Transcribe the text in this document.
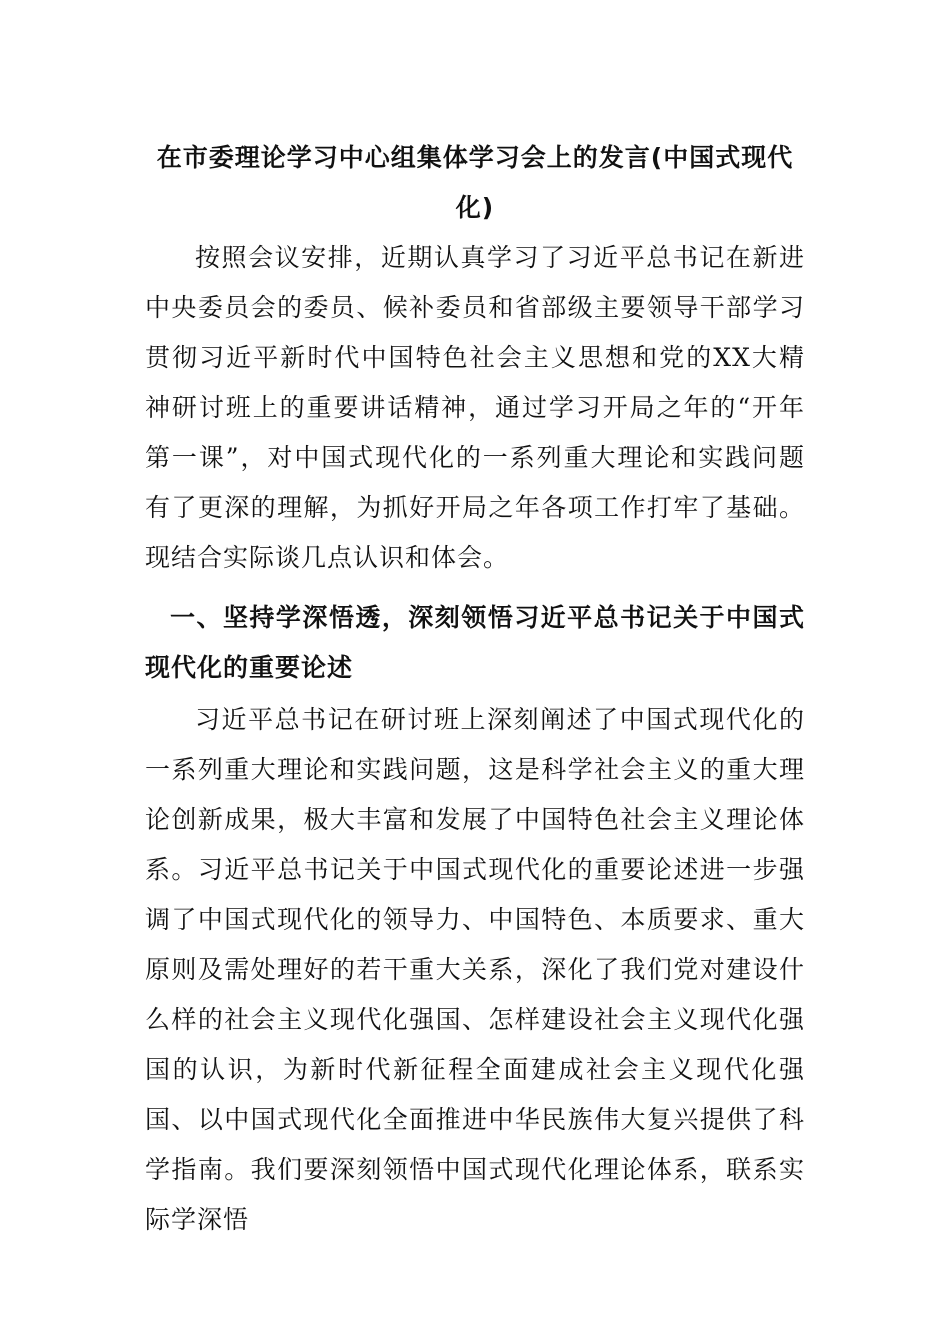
在市委理论学习中心组集体学习会上的发言(中国式现代化)

按照会议安排，近期认真学习了习近平总书记在新进中央委员会的委员、候补委员和省部级主要领导干部学习贯彻习近平新时代中国特色社会主义思想和党的XX大精神研讨班上的重要讲话精神，通过学习开局之年的“开年第一课”，对中国式现代化的一系列重大理论和实践问题有了更深的理解，为抓好开局之年各项工作打牢了基础。现结合实际谈几点认识和体会。

一、坚持学深悟透，深刻领悟习近平总书记关于中国式现代化的重要论述

习近平总书记在研讨班上深刻阐述了中国式现代化的一系列重大理论和实践问题，这是科学社会主义的重大理论创新成果，极大丰富和发展了中国特色社会主义理论体系。习近平总书记关于中国式现代化的重要论述进一步强调了中国式现代化的领导力、中国特色、本质要求、重大原则及需处理好的若干重大关系，深化了我们党对建设什么样的社会主义现代化强国、怎样建设社会主义现代化强国的认识，为新时代新征程全面建成社会主义现代化强国、以中国式现代化全面推进中华民族伟大复兴提供了科学指南。我们要深刻领悟中国式现代化理论体系，联系实际学深悟
